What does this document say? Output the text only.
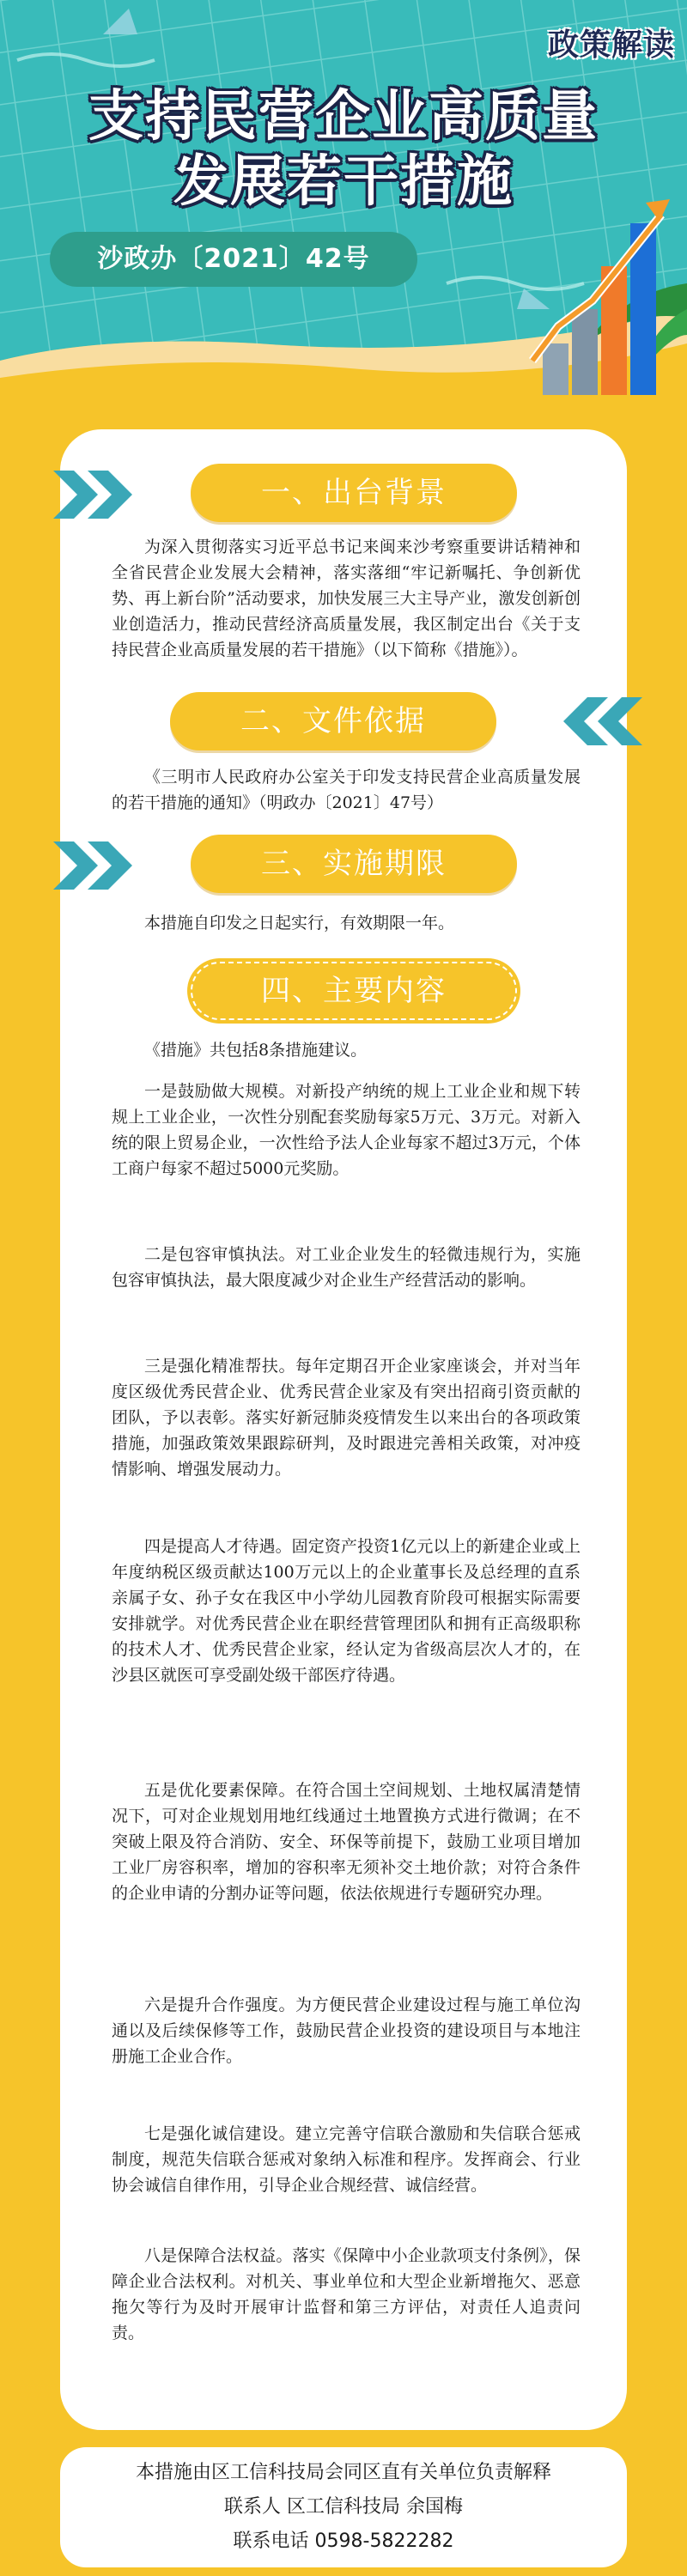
政策解读
支持民营企业高质量
发展若干措施
沙政办〔2021〕42号
一、出台背景
为深入贯彻落实习近平总书记来闽来沙考察重要讲话精神和全省民营企业发展大会精神，落实落细“牢记新嘱托、争创新优势、再上新台阶”活动要求，加快发展三大主导产业，激发创新创业创造活力，推动民营经济高质量发展，我区制定出台《关于支持民营企业高质量发展的若干措施》（以下简称《措施》）。
二、文件依据
《三明市人民政府办公室关于印发支持民营企业高质量发展的若干措施的通知》（明政办〔2021〕47号）
三、实施期限
本措施自印发之日起实行，有效期限一年。
四、主要内容
《措施》共包括8条措施建议。
一是鼓励做大规模。对新投产纳统的规上工业企业和规下转规上工业企业，一次性分别配套奖励每家5万元、3万元。对新入统的限上贸易企业，一次性给予法人企业每家不超过3万元，个体工商户每家不超过5000元奖励。
二是包容审慎执法。对工业企业发生的轻微违规行为，实施包容审慎执法，最大限度减少对企业生产经营活动的影响。
三是强化精准帮扶。每年定期召开企业家座谈会，并对当年度区级优秀民营企业、优秀民营企业家及有突出招商引资贡献的团队，予以表彰。落实好新冠肺炎疫情发生以来出台的各项政策措施，加强政策效果跟踪研判，及时跟进完善相关政策，对冲疫情影响、增强发展动力。
四是提高人才待遇。固定资产投资1亿元以上的新建企业或上年度纳税区级贡献达100万元以上的企业董事长及总经理的直系亲属子女、孙子女在我区中小学幼儿园教育阶段可根据实际需要安排就学。对优秀民营企业在职经营管理团队和拥有正高级职称的技术人才、优秀民营企业家，经认定为省级高层次人才的，在沙县区就医可享受副处级干部医疗待遇。
五是优化要素保障。在符合国土空间规划、土地权属清楚情况下，可对企业规划用地红线通过土地置换方式进行微调；在不突破上限及符合消防、安全、环保等前提下，鼓励工业项目增加工业厂房容积率，增加的容积率无须补交土地价款；对符合条件的企业申请的分割办证等问题，依法依规进行专题研究办理。
六是提升合作强度。为方便民营企业建设过程与施工单位沟通以及后续保修等工作，鼓励民营企业投资的建设项目与本地注册施工企业合作。
七是强化诚信建设。建立完善守信联合激励和失信联合惩戒制度，规范失信联合惩戒对象纳入标准和程序。发挥商会、行业协会诚信自律作用，引导企业合规经营、诚信经营。
八是保障合法权益。落实《保障中小企业款项支付条例》，保障企业合法权利。对机关、事业单位和大型企业新增拖欠、恶意拖欠等行为及时开展审计监督和第三方评估，对责任人追责问责。
本措施由区工信科技局会同区直有关单位负责解释
联系人 区工信科技局 余国梅
联系电话 0598-5822282
